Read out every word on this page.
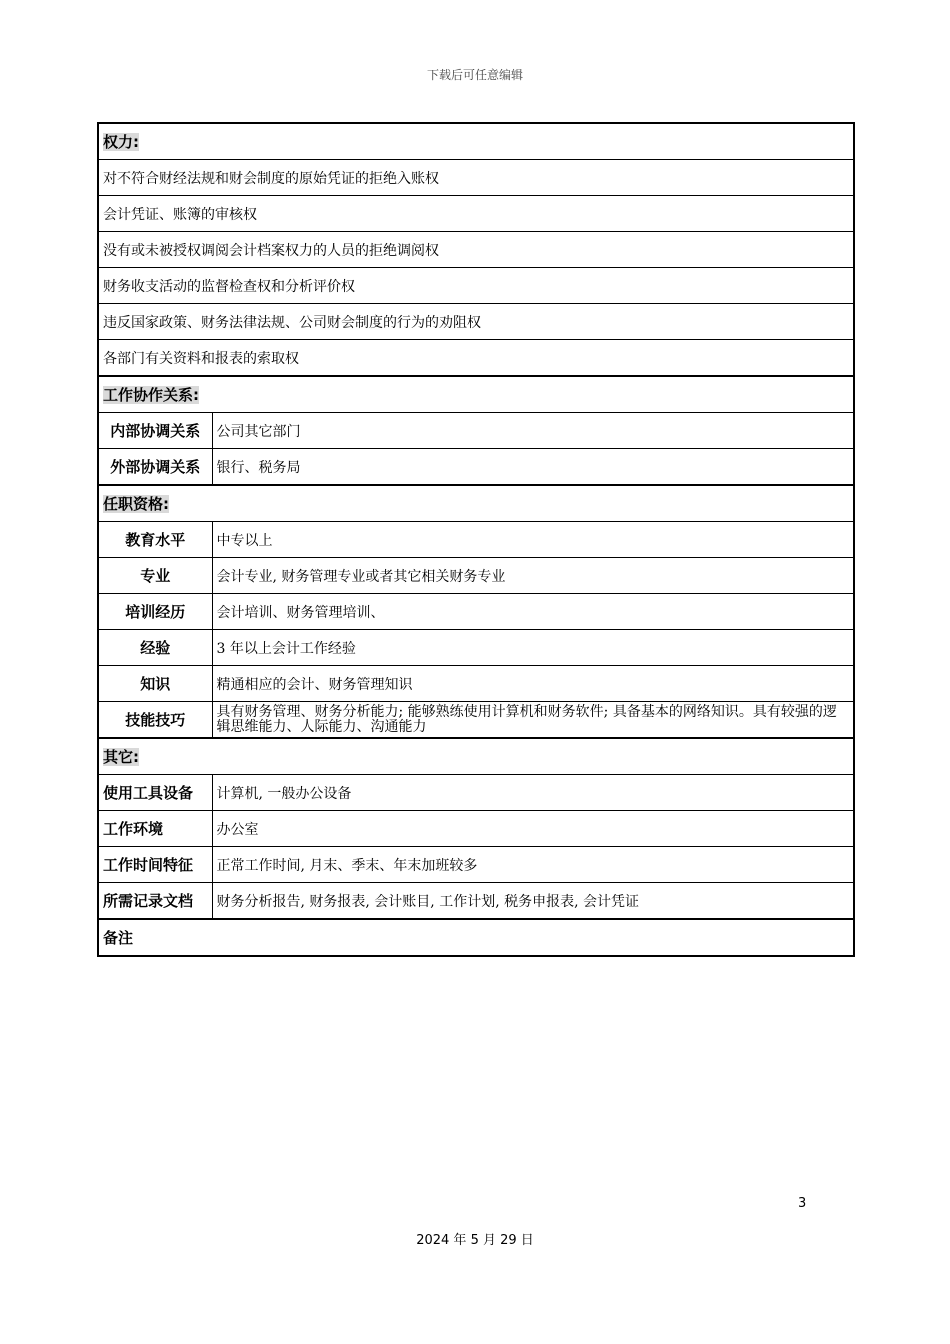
下载后可任意编辑
权力:	
对不符合财经法规和财会制度的原始凭证的拒绝入账权	
会计凭证、账簿的审核权	
没有或未被授权调阅会计档案权力的人员的拒绝调阅权	
财务收支活动的监督检查权和分析评价权	
违反国家政策、财务法律法规、公司财会制度的行为的劝阻权	
各部门有关资料和报表的索取权	
工作协作关系:	
内部协调关系	公司其它部门
外部协调关系	银行、税务局
任职资格:	
教育水平	中专以上
专业	会计专业, 财务管理专业或者其它相关财务专业
培训经历	会计培训、财务管理培训、
经验	3 年以上会计工作经验
知识	精通相应的会计、财务管理知识
技能技巧	具有财务管理、财务分析能力; 能够熟练使用计算机和财务软件; 具备基本的网络知识。具有较强的逻辑思维能力、人际能力、沟通能力
其它:	
使用工具设备	计算机, 一般办公设备
工作环境	办公室
工作时间特征	正常工作时间, 月末、季末、年末加班较多
所需记录文档	财务分析报告, 财务报表, 会计账目, 工作计划, 税务申报表, 会计凭证
备注	
3
2024 年 5 月 29 日
